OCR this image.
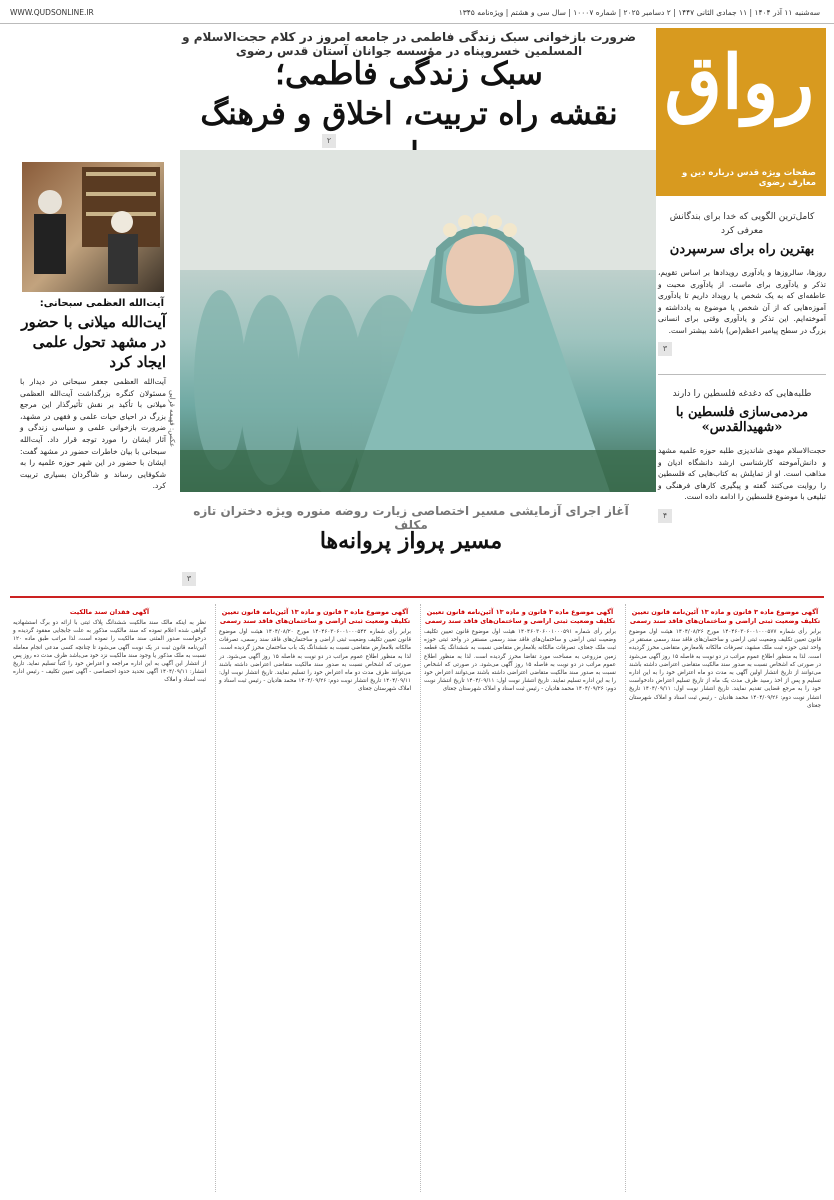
سه‌شنبه ۱۱ آذر ۱۴۰۴ | ۱۱ جمادی الثانی ۱۴۴۷ | ۲ دسامبر ۲۰۲۵ | شماره ۱۰۰۰۷ | سال سی و هشتم | ویژه‌نامه ۱۳۴۵
WWW.QUDSONLINE.IR
رواق
صفحات ویژه قدس درباره دین و معارف رضوی
ضرورت بازخوانی سبک زندگی فاطمی در جامعه امروز در کلام حجت‌الاسلام و المسلمین خسروپناه در مؤسسه جوانان آستان قدس رضوی
سبک زندگی فاطمی؛
نقشه راه تربیت، اخلاق و فرهنگ
۲
عکس: فهیمه قرایی
آیت‌الله العظمی سبحانی:
آیت‌الله میلانی با حضور در مشهد تحول علمی ایجاد کرد
آیت‌الله العظمی جعفر سبحانی در دیدار با مسئولان کنگره بزرگداشت آیت‌الله العظمی میلانی با تأکید بر نقش تأثیرگذار این مرجع بزرگ در احیای حیات علمی و فقهی در مشهد، ضرورت بازخوانی علمی و سیاسی زندگی و آثار ایشان را مورد توجه قرار داد. آیت‌الله سبحانی با بیان خاطرات حضور در مشهد گفت: ایشان با حضور در این شهر حوزه علمیه را به شکوفایی رساند و شاگردان بسیاری تربیت کرد.
۳
کامل‌ترین الگویی که خدا برای بندگانش معرفی کرد
بهترین راه برای سرسپردن
روزها، سالروزها و یادآوری رویدادها بر اساس تقویم، تذکر و یادآوری برای ماست. از یادآوری محبت و عاطفه‌ای که به یک شخص یا رویداد داریم تا یادآوری آموزه‌هایی که از آن شخص یا موضوع به یادداشته و آموخته‌ایم. این تذکر و یادآوری وقتی برای انسانی بزرگ در سطح پیامبر اعظم(ص) باشد بیشتر است.
۳
طلبه‌هایی که دغدغه فلسطین را دارند
مردمی‌سازی فلسطین با «شهیدالقدس»
حجت‌الاسلام مهدی شاندیزی طلبه حوزه علمیه مشهد و دانش‌آموخته کارشناسی ارشد دانشگاه ادیان و مذاهب است. او از تمایلش به کتاب‌هایی که فلسطین را روایت می‌کنند گفته و پیگیری کارهای فرهنگی و تبلیغی با موضوع فلسطین را ادامه داده است.
۴
آغاز اجرای آزمایشی مسیر اختصاصی زیارت روضه منوره ویژه دختران تازه مکلف
مسیر پرواز پروانه‌ها
آگهی موضوع ماده ۳ قانون و ماده ۱۳ آئین‌نامه قانون تعیین تکلیف وضعیت ثبتی اراضی و ساختمان‌های فاقد سند رسمی
برابر رأی شماره ۱۴۰۴۶۰۳۰۶۰۰۱۰۰۰۵۷۷ مورخ ۱۴۰۴/۰۸/۲۶ هیئت اول موضوع قانون تعیین تکلیف وضعیت ثبتی اراضی و ساختمان‌های فاقد سند رسمی مستقر در واحد ثبتی حوزه ثبت ملک مشهد، تصرفات مالکانه بلامعارض متقاضی محرز گردیده است. لذا به منظور اطلاع عموم مراتب در دو نوبت به فاصله ۱۵ روز آگهی می‌شود در صورتی که اشخاص نسبت به صدور سند مالکیت متقاضی اعتراضی داشته باشند می‌توانند از تاریخ انتشار اولین آگهی به مدت دو ماه اعتراض خود را به این اداره تسلیم و پس از اخذ رسید ظرف مدت یک ماه از تاریخ تسلیم اعتراض دادخواست خود را به مرجع قضایی تقدیم نمایند. تاریخ انتشار نوبت اول: ۱۴۰۴/۰۹/۱۱ تاریخ انتشار نوبت دوم: ۱۴۰۴/۰۹/۲۶ محمد هادیان - رئیس ثبت اسناد و املاک شهرستان جغتای
آگهی موضوع ماده ۳ قانون و ماده ۱۳ آئین‌نامه قانون تعیین تکلیف وضعیت ثبتی اراضی و ساختمان‌های فاقد سند رسمی
برابر رأی شماره ۱۴۰۴۶۰۳۰۶۰۰۱۰۰۰۵۹۱ هیئت اول موضوع قانون تعیین تکلیف وضعیت ثبتی اراضی و ساختمان‌های فاقد سند رسمی مستقر در واحد ثبتی حوزه ثبت ملک جغتای، تصرفات مالکانه بلامعارض متقاضی نسبت به ششدانگ یک قطعه زمین مزروعی به مساحت مورد تقاضا محرز گردیده است. لذا به منظور اطلاع عموم مراتب در دو نوبت به فاصله ۱۵ روز آگهی می‌شود. در صورتی که اشخاص نسبت به صدور سند مالکیت متقاضی اعتراضی داشته باشند می‌توانند اعتراض خود را به این اداره تسلیم نمایند. تاریخ انتشار نوبت اول: ۱۴۰۴/۰۹/۱۱ تاریخ انتشار نوبت دوم: ۱۴۰۴/۰۹/۲۶ محمد هادیان - رئیس ثبت اسناد و املاک شهرستان جغتای
آگهی موضوع ماده ۳ قانون و ماده ۱۳ آئین‌نامه قانون تعیین تکلیف وضعیت ثبتی اراضی و ساختمان‌های فاقد سند رسمی
برابر رأی شماره ۱۴۰۴۶۰۳۰۶۰۰۱۰۰۰۵۴۲ مورخ ۱۴۰۴/۰۸/۲۰ هیئت اول موضوع قانون تعیین تکلیف وضعیت ثبتی اراضی و ساختمان‌های فاقد سند رسمی، تصرفات مالکانه بلامعارض متقاضی نسبت به ششدانگ یک باب ساختمان محرز گردیده است. لذا به منظور اطلاع عموم مراتب در دو نوبت به فاصله ۱۵ روز آگهی می‌شود. در صورتی که اشخاص نسبت به صدور سند مالکیت متقاضی اعتراضی داشته باشند می‌توانند ظرف مدت دو ماه اعتراض خود را تسلیم نمایند. تاریخ انتشار نوبت اول: ۱۴۰۴/۰۹/۱۱ تاریخ انتشار نوبت دوم: ۱۴۰۴/۰۹/۲۶ محمد هادیان - رئیس ثبت اسناد و املاک شهرستان جغتای
آگهی فقدان سند مالکیت
نظر به اینکه مالک سند مالکیت ششدانگ پلاک ثبتی با ارائه دو برگ استشهادیه گواهی شده اعلام نموده که سند مالکیت مذکور به علت جابجایی مفقود گردیده و درخواست صدور المثنی سند مالکیت را نموده است، لذا مراتب طبق ماده ۱۲۰ آئین‌نامه قانون ثبت در یک نوبت آگهی می‌شود تا چنانچه کسی مدعی انجام معامله نسبت به ملک مذکور یا وجود سند مالکیت نزد خود می‌باشد ظرف مدت ده روز پس از انتشار این آگهی به این اداره مراجعه و اعتراض خود را کتباً تسلیم نماید. تاریخ انتشار: ۱۴۰۴/۰۹/۱۱ آگهی تحدید حدود اختصاصی - آگهی تعیین تکلیف - رئیس اداره ثبت اسناد و املاک
